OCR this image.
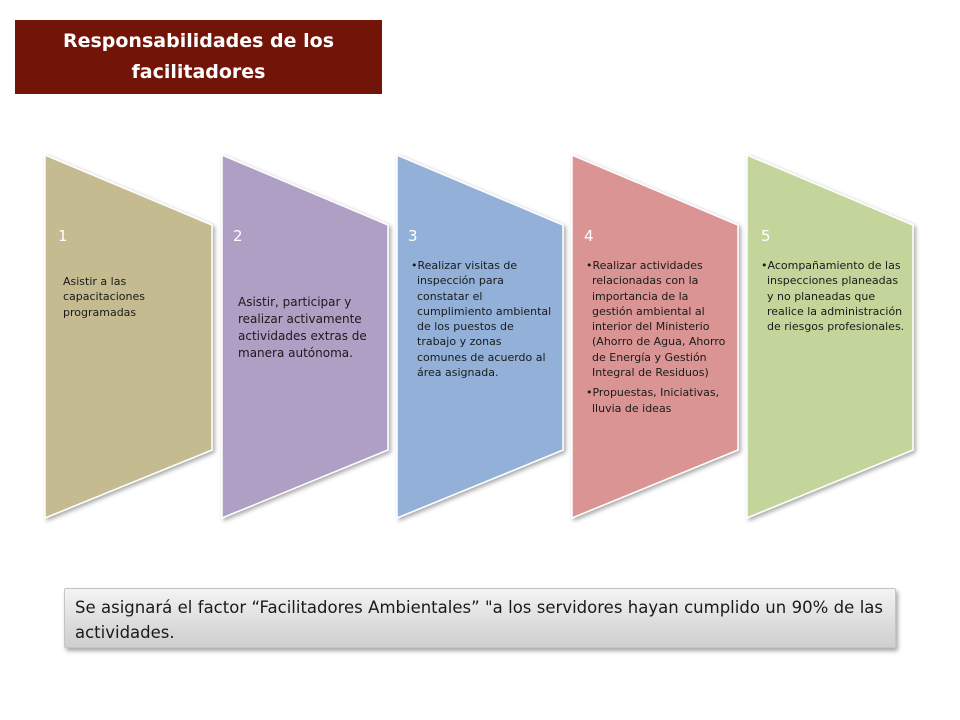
Responsabilidades de los facilitadores
1	2	3	4	5
Asistir a las capacitaciones programadas
Asistir, participar y realizar activamente actividades extras de manera autónoma.
•Realizar visitas de inspección para constatar el cumplimiento ambiental de los puestos de trabajo y zonas comunes de acuerdo al área asignada.
•Realizar actividades relacionadas con la importancia de la gestión ambiental al interior del Ministerio (Ahorro de Agua, Ahorro de Energía y Gestión Integral de Residuos)
•Propuestas, Iniciativas, lluvia de ideas
•Acompañamiento de las inspecciones planeadas y no planeadas que realice la administración de riesgos profesionales.
Se asignará el factor “Facilitadores Ambientales” "a los servidores hayan cumplido un 90% de las actividades.
